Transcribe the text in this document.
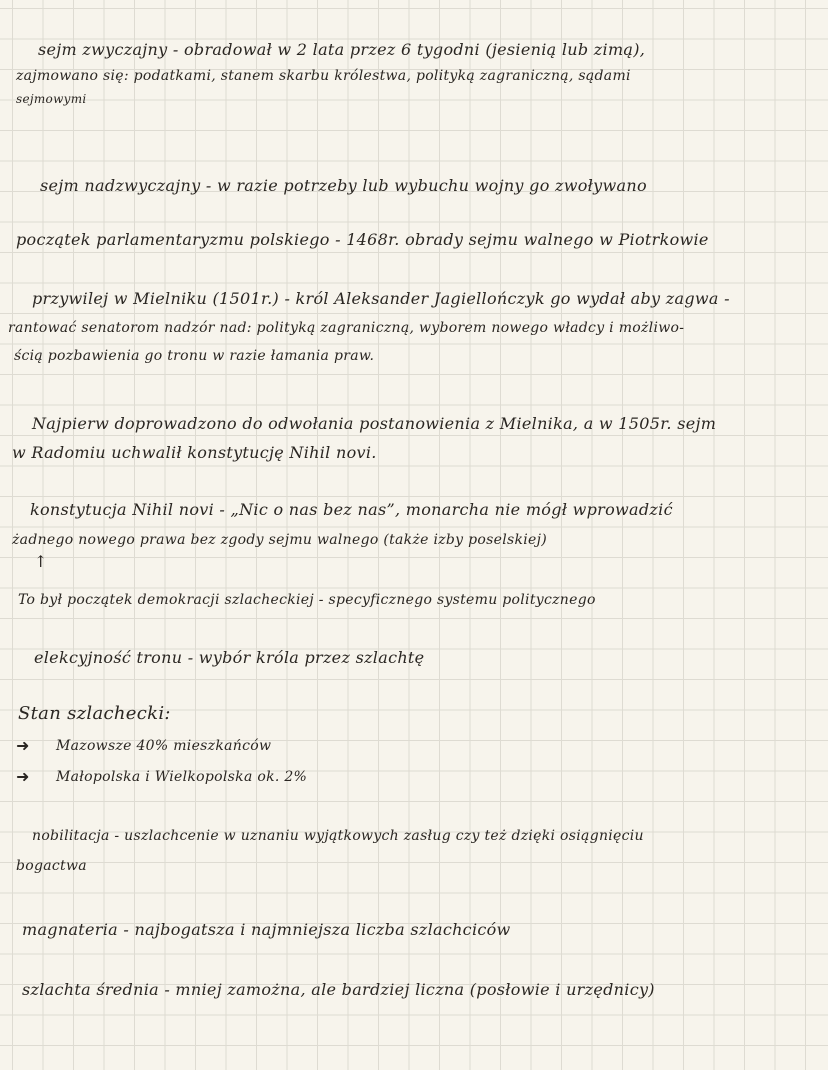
sejm zwyczajny - obradował w 2 lata przez 6 tygodni (jesienią lub zimą),
zajmowano się: podatkami, stanem skarbu królestwa, polityką zagraniczną, sądami
sejmowymi
sejm nadzwyczajny - w razie potrzeby lub wybuchu wojny go zwoływano
początek parlamentaryzmu polskiego - 1468r. obrady sejmu walnego w Piotrkowie
przywilej w Mielniku (1501r.) - król Aleksander Jagiellończyk go wydał aby zagwa -
rantować senatorom nadzór nad: polityką zagraniczną, wyborem nowego władcy i możliwo-
ścią pozbawienia go tronu w razie łamania praw.
Najpierw doprowadzono do odwołania postanowienia z Mielnika, a w 1505r. sejm
w Radomiu uchwalił konstytucję Nihil novi.
konstytucja Nihil novi - „Nic o nas bez nas”, monarcha nie mógł wprowadzić
żadnego nowego prawa bez zgody sejmu walnego (także izby poselskiej)
↑
To był początek demokracji szlacheckiej - specyficznego systemu politycznego
elekcyjność tronu - wybór króla przez szlachtę
Stan szlachecki:
➜ Mazowsze 40% mieszkańców
➜ Małopolska i Wielkopolska ok. 2%
nobilitacja - uszlachcenie w uznaniu wyjątkowych zasług czy też dzięki osiągnięciu
bogactwa
magnateria - najbogatsza i najmniejsza liczba szlachciców
szlachta średnia - mniej zamożna, ale bardziej liczna (posłowie i urzędnicy)
